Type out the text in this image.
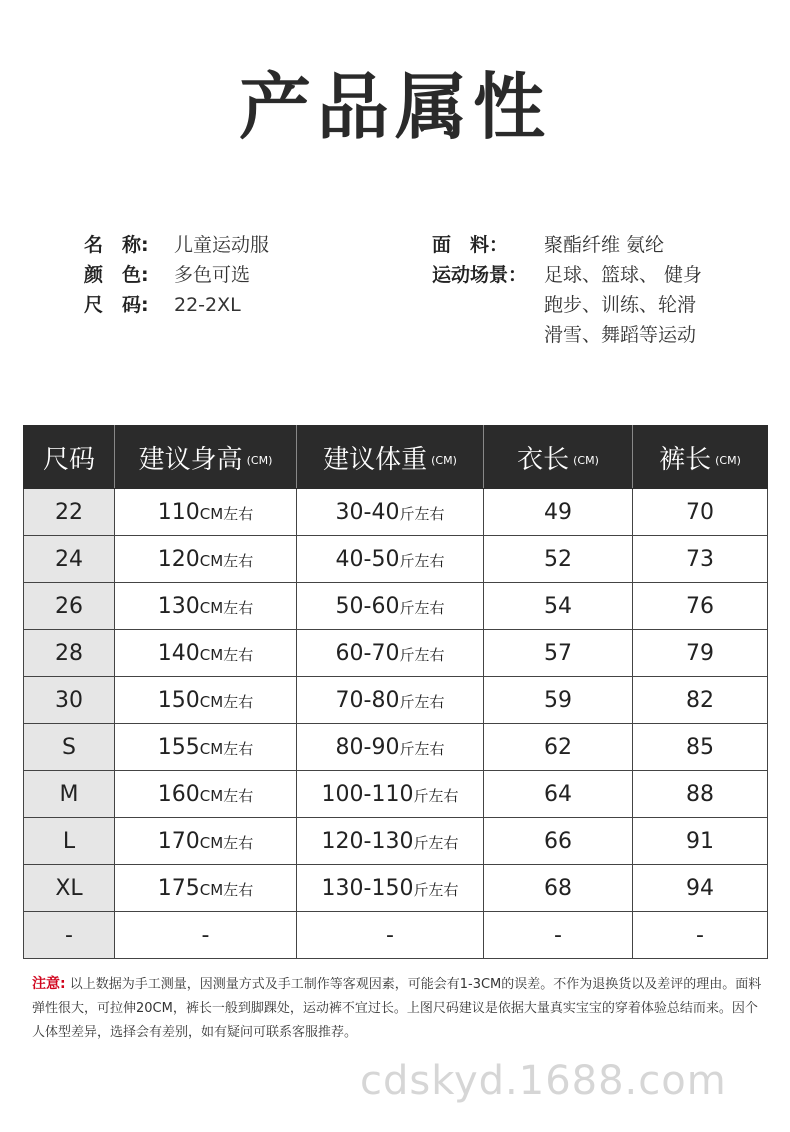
产品属性
名　称:	儿童运动服
颜　色:	多色可选
尺　码:	22-2XL
面　料：	聚酯纤维 氨纶
运动场景： 足球、篮球、 健身
跑步、训练、轮滑
滑雪、舞蹈等运动
尺码	建议身高 (CM)	建议体重 (CM)	衣长 (CM)	裤长 (CM)
22	110CM左右	30-40斤左右	49	70
24	120CM左右	40-50斤左右	52	73
26	130CM左右	50-60斤左右	54	76
28	140CM左右	60-70斤左右	57	79
30	150CM左右	70-80斤左右	59	82
S	155CM左右	80-90斤左右	62	85
M	160CM左右	100-110斤左右	64	88
L	170CM左右	120-130斤左右	66	91
XL	175CM左右	130-150斤左右	68	94
-	-	-	-	-
注意: 以上数据为手工测量，因测量方式及手工制作等客观因素，可能会有1-3CM的误差。不作为退换货以及差评的理由。面料弹性很大，可拉伸20CM，裤长一般到脚踝处，运动裤不宜过长。上图尺码建议是依据大量真实宝宝的穿着体验总结而来。因个人体型差异，选择会有差别，如有疑问可联系客服推荐。
cdskyd.1688.com
